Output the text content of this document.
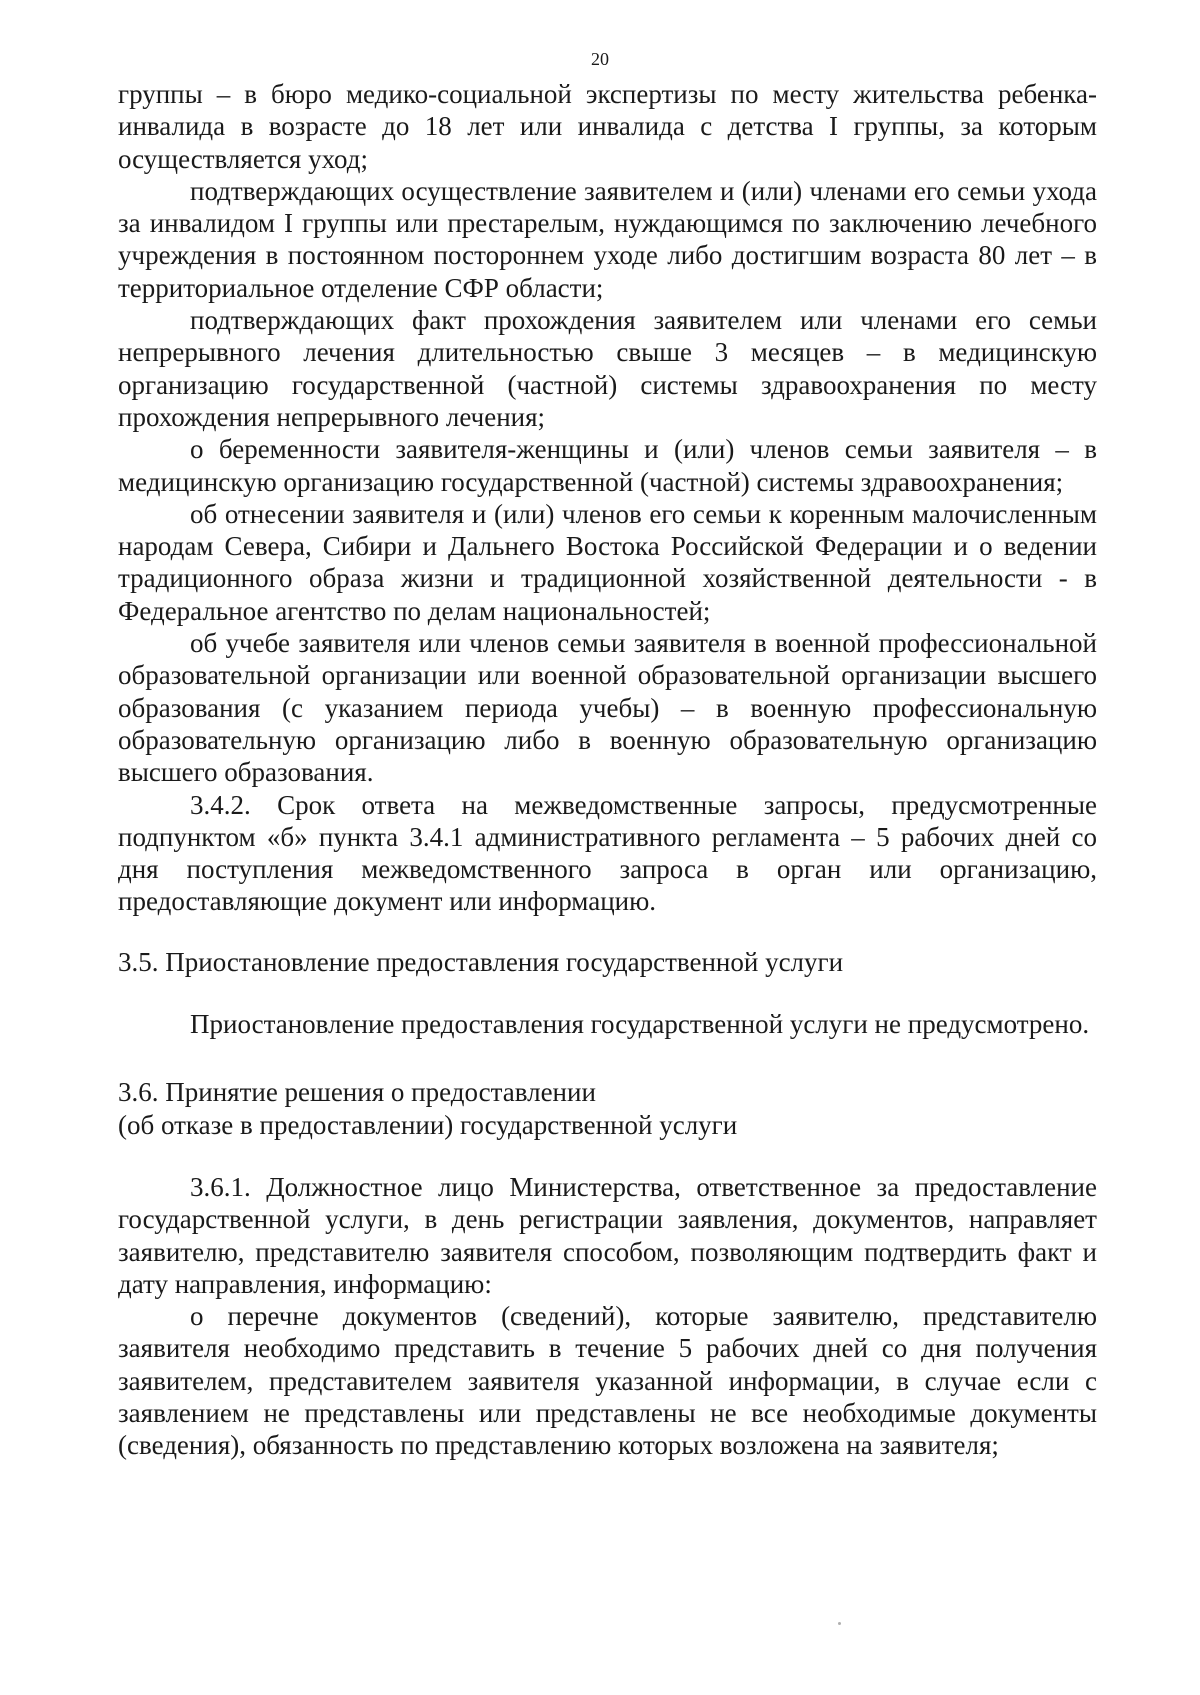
20

группы – в бюро медико-социальной экспертизы по месту жительства ребенка-инвалида в возрасте до 18 лет или инвалида с детства I группы, за которым осуществляется уход;

подтверждающих осуществление заявителем и (или) членами его семьи ухода за инвалидом I группы или престарелым, нуждающимся по заключению лечебного учреждения в постоянном постороннем уходе либо достигшим возраста 80 лет – в территориальное отделение СФР области;

подтверждающих факт прохождения заявителем или членами его семьи непрерывного лечения длительностью свыше 3 месяцев – в медицинскую организацию государственной (частной) системы здравоохранения по месту прохождения непрерывного лечения;

о беременности заявителя-женщины и (или) членов семьи заявителя – в медицинскую организацию государственной (частной) системы здравоохранения;

об отнесении заявителя и (или) членов его семьи к коренным малочисленным народам Севера, Сибири и Дальнего Востока Российской Федерации и о ведении традиционного образа жизни и традиционной хозяйственной деятельности - в Федеральное агентство по делам национальностей;

об учебе заявителя или членов семьи заявителя в военной профессиональной образовательной организации или военной образовательной организации высшего образования (с указанием периода учебы) – в военную профессиональную образовательную организацию либо в военную образовательную организацию высшего образования.

3.4.2. Срок ответа на межведомственные запросы, предусмотренные подпунктом «б» пункта 3.4.1 административного регламента – 5 рабочих дней со дня поступления межведомственного запроса в орган или организацию, предоставляющие документ или информацию.

3.5. Приостановление предоставления государственной услуги

Приостановление предоставления государственной услуги не предусмотрено.

3.6. Принятие решения о предоставлении
(об отказе в предоставлении) государственной услуги

3.6.1. Должностное лицо Министерства, ответственное за предоставление государственной услуги, в день регистрации заявления, документов, направляет заявителю, представителю заявителя способом, позволяющим подтвердить факт и дату направления, информацию:

о перечне документов (сведений), которые заявителю, представителю заявителя необходимо представить в течение 5 рабочих дней со дня получения заявителем, представителем заявителя указанной информации, в случае если с заявлением не представлены или представлены не все необходимые документы (сведения), обязанность по представлению которых возложена на заявителя;
